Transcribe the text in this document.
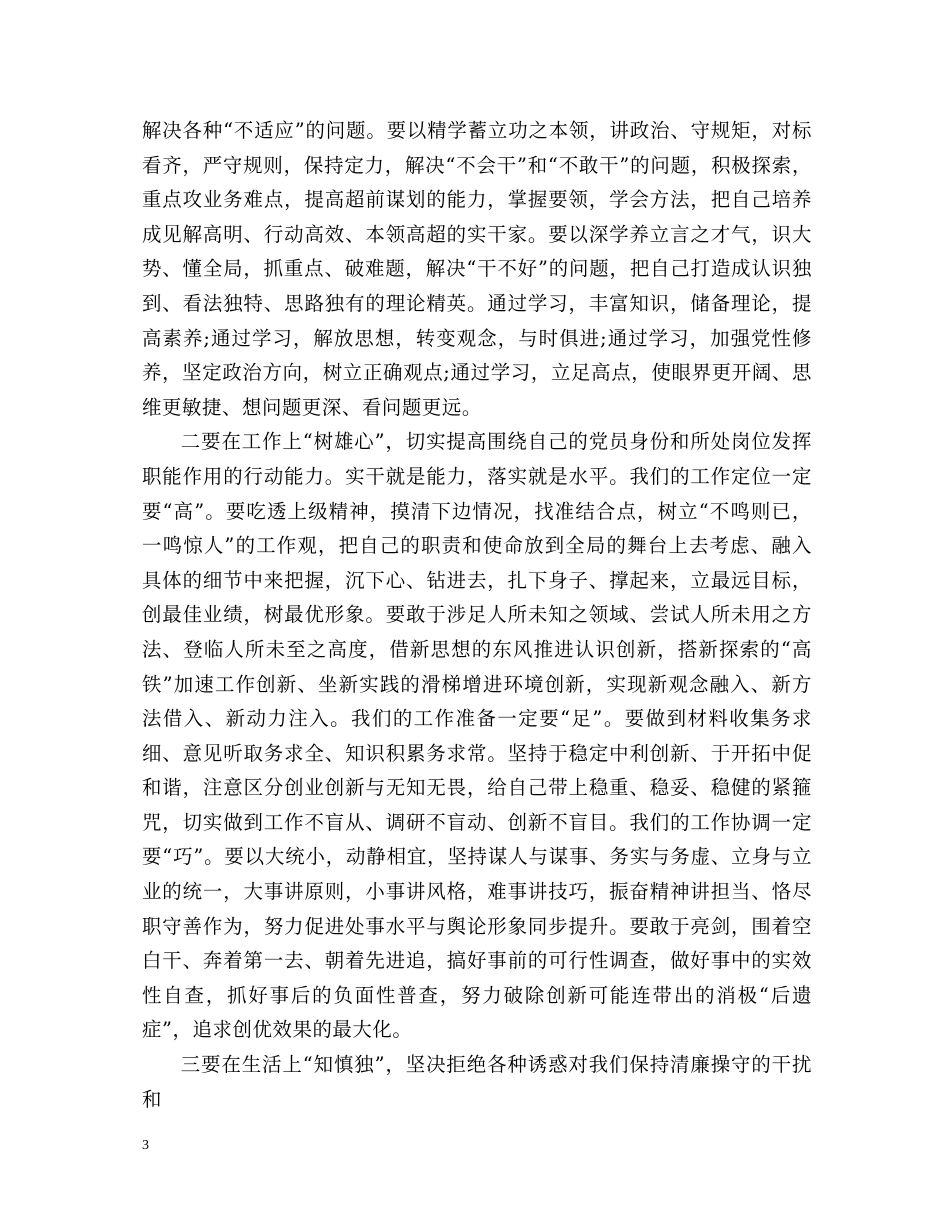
解决各种“不适应”的问题。要以精学蓄立功之本领，讲政治、守规矩，对标看齐，严守规则，保持定力，解决“不会干”和“不敢干”的问题，积极探索，重点攻业务难点，提高超前谋划的能力，掌握要领，学会方法，把自己培养成见解高明、行动高效、本领高超的实干家。要以深学养立言之才气，识大势、懂全局，抓重点、破难题，解决“干不好”的问题，把自己打造成认识独到、看法独特、思路独有的理论精英。通过学习，丰富知识，储备理论，提高素养;通过学习，解放思想，转变观念，与时俱进;通过学习，加强党性修养，坚定政治方向，树立正确观点;通过学习，立足高点，使眼界更开阔、思维更敏捷、想问题更深、看问题更远。

二要在工作上“树雄心”，切实提高围绕自己的党员身份和所处岗位发挥职能作用的行动能力。实干就是能力，落实就是水平。我们的工作定位一定要“高”。要吃透上级精神，摸清下边情况，找准结合点，树立“不鸣则已，一鸣惊人”的工作观，把自己的职责和使命放到全局的舞台上去考虑、融入具体的细节中来把握，沉下心、钻进去，扎下身子、撑起来，立最远目标，创最佳业绩，树最优形象。要敢于涉足人所未知之领域、尝试人所未用之方法、登临人所未至之高度，借新思想的东风推进认识创新，搭新探索的“高铁”加速工作创新、坐新实践的滑梯增进环境创新，实现新观念融入、新方法借入、新动力注入。我们的工作准备一定要“足”。要做到材料收集务求细、意见听取务求全、知识积累务求常。坚持于稳定中利创新、于开拓中促和谐，注意区分创业创新与无知无畏，给自己带上稳重、稳妥、稳健的紧箍咒，切实做到工作不盲从、调研不盲动、创新不盲目。我们的工作协调一定要“巧”。要以大统小，动静相宜，坚持谋人与谋事、务实与务虚、立身与立业的统一，大事讲原则，小事讲风格，难事讲技巧，振奋精神讲担当、恪尽职守善作为，努力促进处事水平与舆论形象同步提升。要敢于亮剑，围着空白干、奔着第一去、朝着先进追，搞好事前的可行性调查，做好事中的实效性自查，抓好事后的负面性普查，努力破除创新可能连带出的消极“后遗症”，追求创优效果的最大化。

三要在生活上“知慎独”，坚决拒绝各种诱惑对我们保持清廉操守的干扰和

3
